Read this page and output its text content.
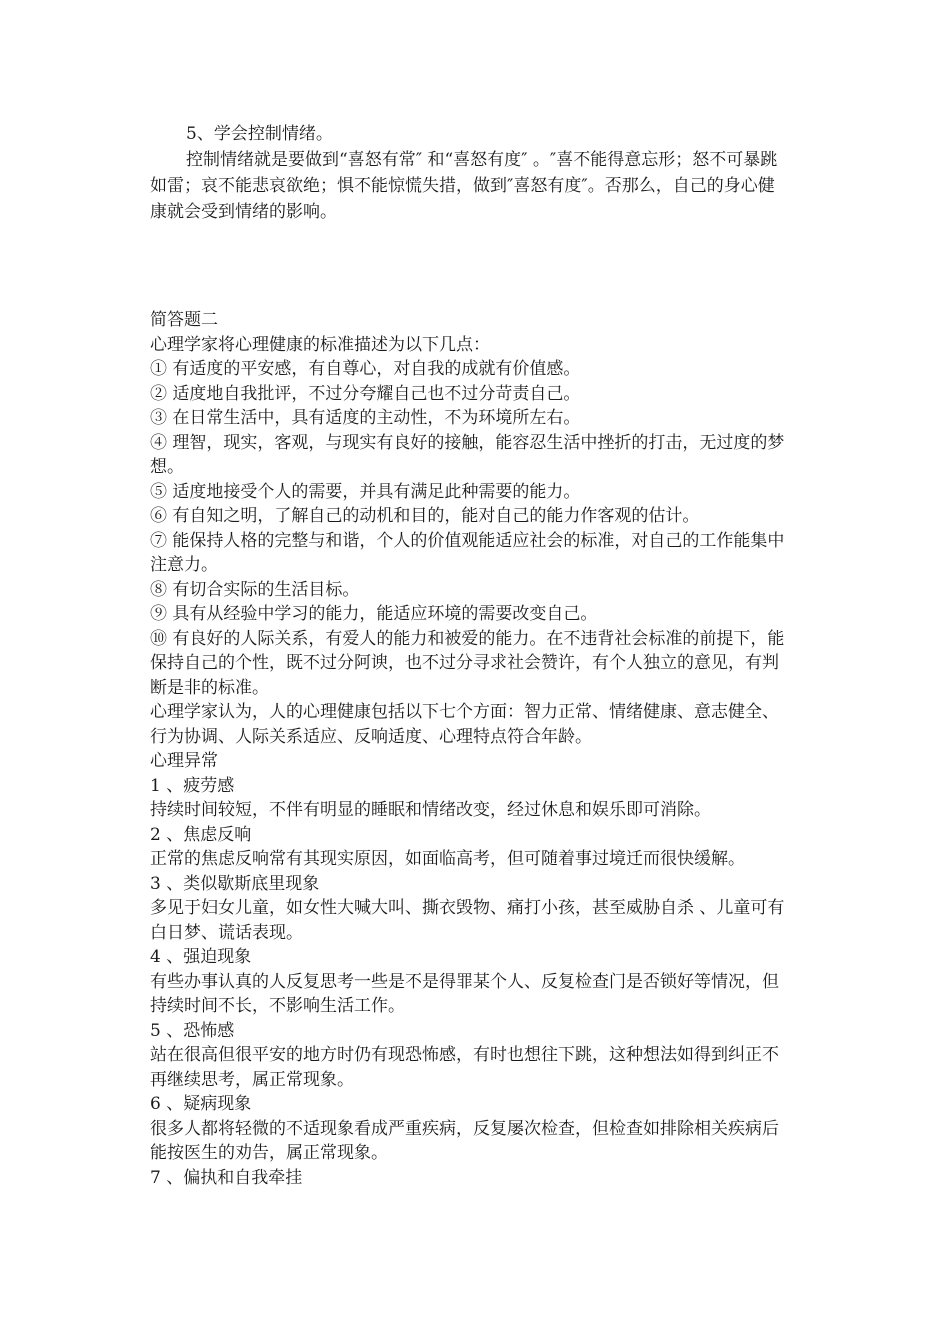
5、学会控制情绪。

控制情绪就是要做到“喜怒有常″ 和“喜怒有度″ 。″喜不能得意忘形；怒不可暴跳如雷；哀不能悲哀欲绝；惧不能惊慌失措，做到″喜怒有度″。否那么，自己的身心健康就会受到情绪的影响。

简答题二

心理学家将心理健康的标准描述为以下几点：

① 有适度的平安感，有自尊心，对自我的成就有价值感。

② 适度地自我批评，不过分夸耀自己也不过分苛责自己。

③ 在日常生活中，具有适度的主动性，不为环境所左右。

④ 理智，现实，客观，与现实有良好的接触，能容忍生活中挫折的打击，无过度的梦想。

⑤ 适度地接受个人的需要，并具有满足此种需要的能力。

⑥ 有自知之明，了解自己的动机和目的，能对自己的能力作客观的估计。

⑦ 能保持人格的完整与和谐，个人的价值观能适应社会的标准，对自己的工作能集中注意力。

⑧ 有切合实际的生活目标。

⑨ 具有从经验中学习的能力，能适应环境的需要改变自己。

⑩ 有良好的人际关系，有爱人的能力和被爱的能力。在不违背社会标准的前提下，能保持自己的个性，既不过分阿谀，也不过分寻求社会赞许，有个人独立的意见，有判断是非的标准。

心理学家认为，人的心理健康包括以下七个方面：智力正常、情绪健康、意志健全、行为协调、人际关系适应、反响适度、心理特点符合年龄。

心理异常

1 、疲劳感

持续时间较短，不伴有明显的睡眠和情绪改变，经过休息和娱乐即可消除。

2 、焦虑反响

正常的焦虑反响常有其现实原因，如面临高考，但可随着事过境迁而很快缓解。

3 、类似歇斯底里现象

多见于妇女儿童，如女性大喊大叫、撕衣毁物、痛打小孩，甚至威胁自杀 、儿童可有白日梦、谎话表现。

4 、强迫现象

有些办事认真的人反复思考一些是不是得罪某个人、反复检查门是否锁好等情况，但持续时间不长，不影响生活工作。

5 、恐怖感

站在很高但很平安的地方时仍有现恐怖感，有时也想往下跳，这种想法如得到纠正不再继续思考，属正常现象。

6 、疑病现象

很多人都将轻微的不适现象看成严重疾病，反复屡次检查，但检查如排除相关疾病后能按医生的劝告，属正常现象。

7 、偏执和自我牵挂
